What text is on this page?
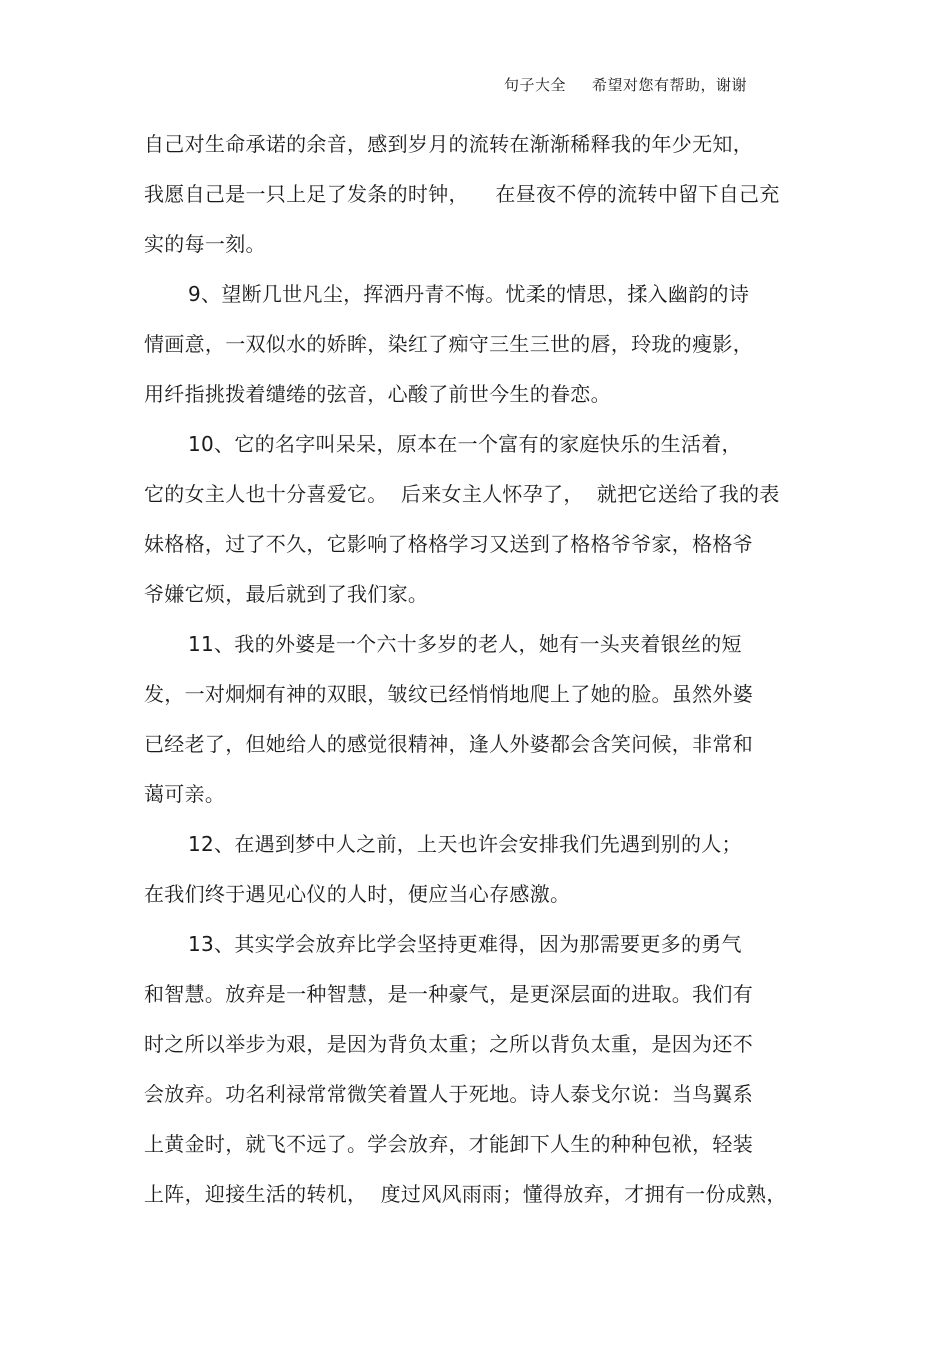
句子大全 希望对您有帮助，谢谢
自己对生命承诺的余音，感到岁月的流转在渐渐稀释我的年少无知，
我愿自己是一只上足了发条的时钟，    在昼夜不停的流转中留下自己充
实的每一刻。
9、望断几世凡尘，挥洒丹青不悔。忧柔的情思，揉入幽韵的诗
情画意，一双似水的娇眸，染红了痴守三生三世的唇，玲珑的瘦影，
用纤指挑拨着缱绻的弦音，心酸了前世今生的眷恋。
10、它的名字叫呆呆，原本在一个富有的家庭快乐的生活着，
它的女主人也十分喜爱它。  后来女主人怀孕了，  就把它送给了我的表
妹格格，过了不久，它影响了格格学习又送到了格格爷爷家，格格爷
爷嫌它烦，最后就到了我们家。
11、我的外婆是一个六十多岁的老人，她有一头夹着银丝的短
发，一对炯炯有神的双眼，皱纹已经悄悄地爬上了她的脸。虽然外婆
已经老了，但她给人的感觉很精神，逢人外婆都会含笑问候，非常和
蔼可亲。
12、在遇到梦中人之前，上天也许会安排我们先遇到别的人；
在我们终于遇见心仪的人时，便应当心存感激。
13、其实学会放弃比学会坚持更难得，因为那需要更多的勇气
和智慧。放弃是一种智慧，是一种豪气，是更深层面的进取。我们有
时之所以举步为艰，是因为背负太重；之所以背负太重，是因为还不
会放弃。功名利禄常常微笑着置人于死地。诗人泰戈尔说：当鸟翼系
上黄金时，就飞不远了。学会放弃，才能卸下人生的种种包袱，轻装
上阵，迎接生活的转机，  度过风风雨雨；懂得放弃，才拥有一份成熟，
